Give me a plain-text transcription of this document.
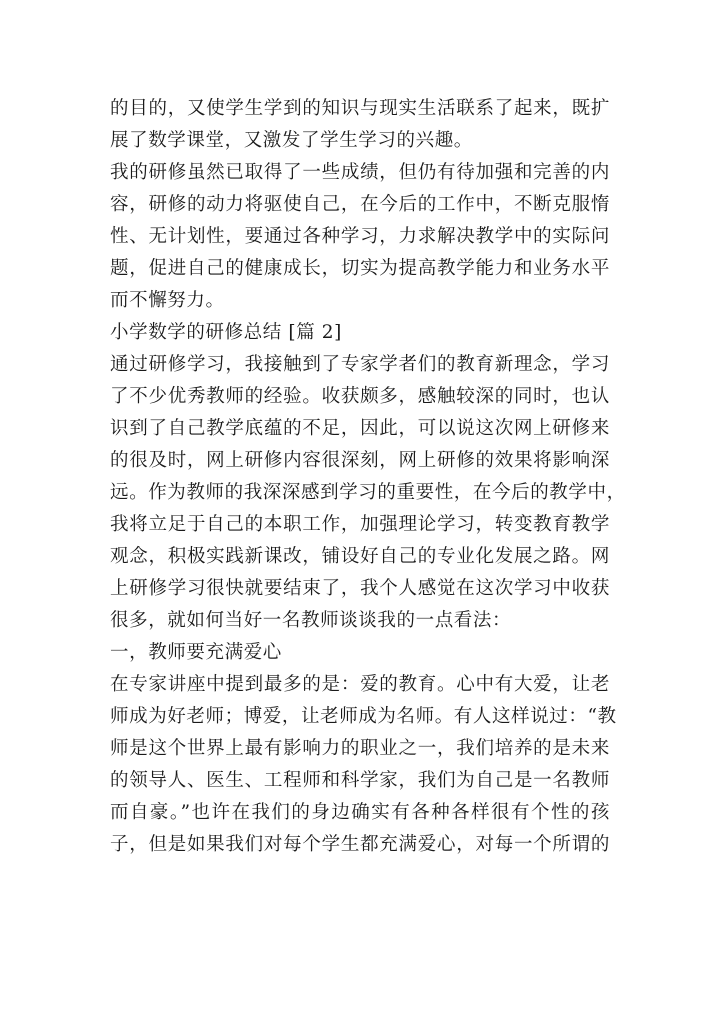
的目的，又使学生学到的知识与现实生活联系了起来，既扩
展了数学课堂，又激发了学生学习的兴趣。
我的研修虽然已取得了一些成绩，但仍有待加强和完善的内
容，研修的动力将驱使自己，在今后的工作中，不断克服惰
性、无计划性，要通过各种学习，力求解决教学中的实际问
题，促进自己的健康成长，切实为提高教学能力和业务水平
而不懈努力。
小学数学的研修总结 [篇 2]
通过研修学习，我接触到了专家学者们的教育新理念，学习
了不少优秀教师的经验。收获颇多，感触较深的同时，也认
识到了自己教学底蕴的不足，因此，可以说这次网上研修来
的很及时，网上研修内容很深刻，网上研修的效果将影响深
远。作为教师的我深深感到学习的重要性，在今后的教学中，
我将立足于自己的本职工作，加强理论学习，转变教育教学
观念，积极实践新课改，铺设好自己的专业化发展之路。网
上研修学习很快就要结束了，我个人感觉在这次学习中收获
很多，就如何当好一名教师谈谈我的一点看法：
一，教师要充满爱心
在专家讲座中提到最多的是：爱的教育。心中有大爱，让老
师成为好老师；博爱，让老师成为名师。有人这样说过：“教
师是这个世界上最有影响力的职业之一，我们培养的是未来
的领导人、医生、工程师和科学家，我们为自己是一名教师
而自豪。”也许在我们的身边确实有各种各样很有个性的孩
子，但是如果我们对每个学生都充满爱心，对每一个所谓的
